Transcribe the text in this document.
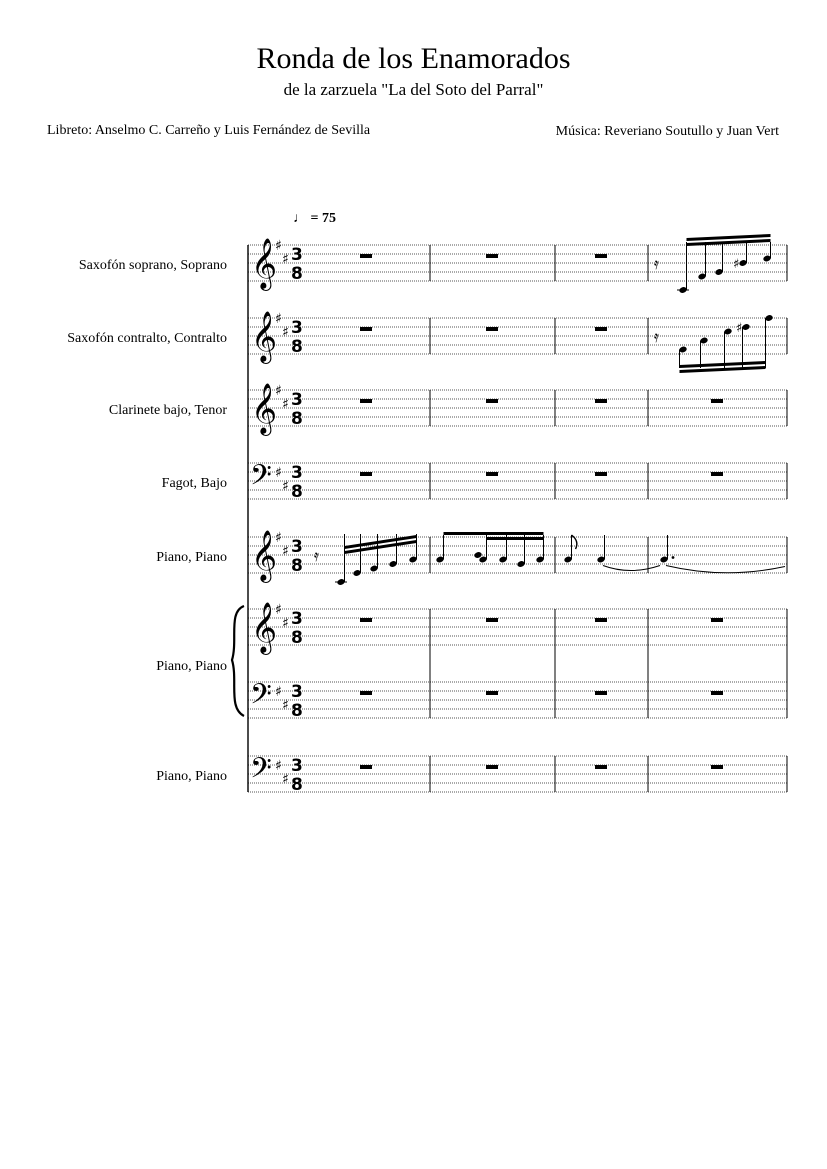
Ronda de los Enamorados
de la zarzuela "La del Soto del Parral"
Libreto: Anselmo C. Carreño y Luis Fernández de Sevilla	Música: Reveriano Soutullo y Juan Vert
♩ = 75
Saxofón soprano, Soprano
Saxofón contralto, Contralto
Clarinete bajo, Tenor
Fagot, Bajo
Piano, Piano
Piano, Piano
Piano, Piano
𝄞
♯
♯ 3
8
𝄞
♯
♯ 3
8
𝄞
♯
♯ 3
8
𝄢 ♯
♯
3
8
𝄞
♯
♯ 3
8
𝄞
♯
♯ 3
8
𝄢 ♯
♯
3
8
𝄢 ♯
♯
3
8
𝄿	♯
𝄿	♯
𝄿
